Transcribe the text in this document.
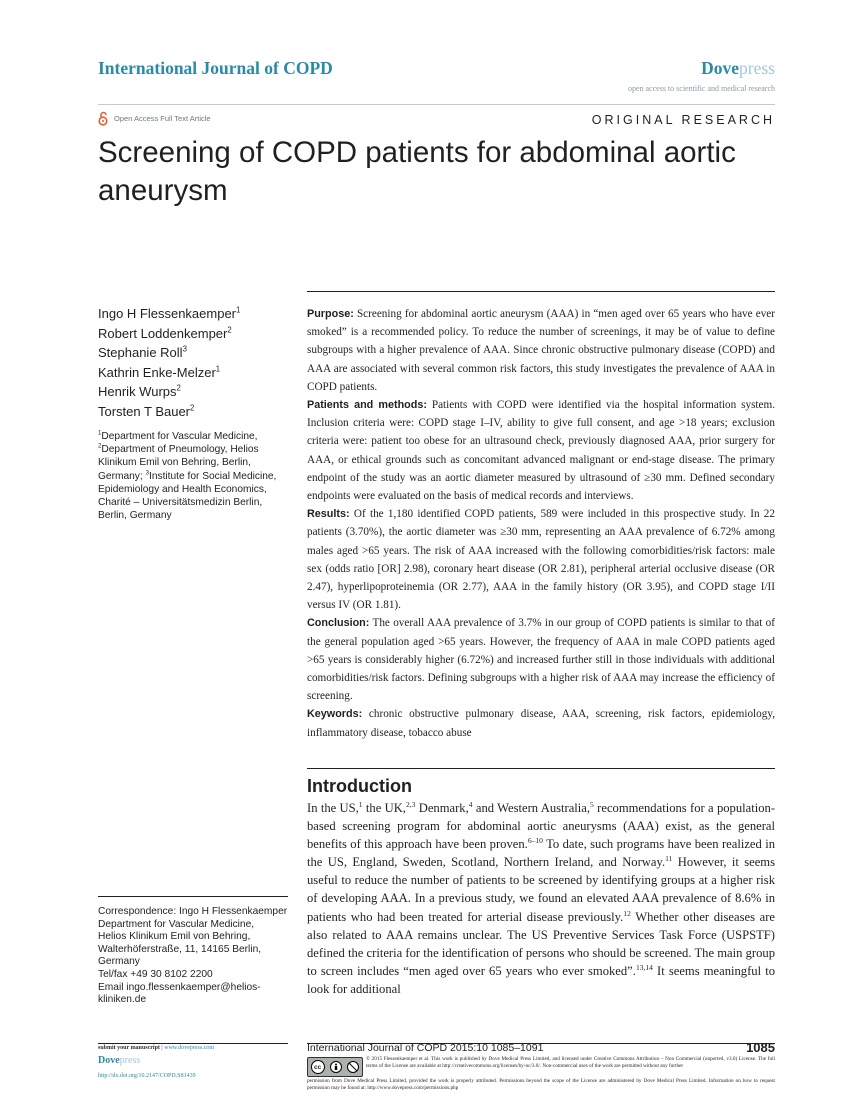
International Journal of COPD	Dovepress
open access to scientific and medical research
Open Access Full Text Article	ORIGINAL RESEARCH
Screening of COPD patients for abdominal aortic aneurysm
Ingo H Flessenkaemper$^1$
Robert Loddenkemper$^2$
Stephanie Roll$^3$
Kathrin Enke-Melzer$^1$
Henrik Wurps$^2$
Torsten T Bauer$^2$
$^1$Department for Vascular Medicine,
$^2$Department of Pneumology, Helios Klinikum Emil von Behring, Berlin, Germany; $^3$Institute for Social Medicine, Epidemiology and Health Economics, Charité – Universitätsmedizin Berlin, Berlin, Germany
Correspondence: Ingo H Flessenkaemper
Department for Vascular Medicine,
Helios Klinikum Emil von Behring,
Walterhöferstraße, 11, 14165 Berlin,
Germany
Tel/fax +49 30 8102 2200
Email ingo.flessenkaemper@helios-
kliniken.de

Purpose: Screening for abdominal aortic aneurysm (AAA) in “men aged over 65 years who have ever smoked” is a recommended policy. To reduce the number of screenings, it may be of value to define subgroups with a higher prevalence of AAA. Since chronic obstructive pulmonary disease (COPD) and AAA are associated with several common risk factors, this study investigates the prevalence of AAA in COPD patients.

Patients and methods: Patients with COPD were identified via the hospital information system. Inclusion criteria were: COPD stage I–IV, ability to give full consent, and age >18 years; exclusion criteria were: patient too obese for an ultrasound check, previously diagnosed AAA, prior surgery for AAA, or ethical grounds such as concomitant advanced malignant or end-stage disease. The primary endpoint of the study was an aortic diameter measured by ultrasound of ≥30 mm. Defined secondary endpoints were evaluated on the basis of medical records and interviews.

Results: Of the 1,180 identified COPD patients, 589 were included in this prospective study. In 22 patients (3.70%), the aortic diameter was ≥30 mm, representing an AAA prevalence of 6.72% among males aged >65 years. The risk of AAA increased with the following comorbidities/risk factors: male sex (odds ratio [OR] 2.98), coronary heart disease (OR 2.81), peripheral arterial occlusive disease (OR 2.47), hyperlipoproteinemia (OR 2.77), AAA in the family history (OR 3.95), and COPD stage I/II versus IV (OR 1.81).

Conclusion: The overall AAA prevalence of 3.7% in our group of COPD patients is similar to that of the general population aged >65 years. However, the frequency of AAA in male COPD patients aged >65 years is considerably higher (6.72%) and increased further still in those individuals with additional comorbidities/risk factors. Defining subgroups with a higher risk of AAA may increase the efficiency of screening.

Keywords: chronic obstructive pulmonary disease, AAA, screening, risk factors, epidemiology, inflammatory disease, tobacco abuse

Introduction

In the US,$^1$ the UK,$^{2,3}$ Denmark,$^4$ and Western Australia,$^5$ recommendations for a population-based screening program for abdominal aortic aneurysms (AAA) exist, as the general benefits of this approach have been proven.$^{6-10}$ To date, such programs have been realized in the US, England, Sweden, Scotland, Northern Ireland, and Norway.$^{11}$ However, it seems useful to reduce the number of patients to be screened by identifying groups at a higher risk of developing AAA. In a previous study, we found an elevated AAA prevalence of 8.6% in patients who had been treated for arterial disease previously.$^{12}$ Whether other diseases are also related to AAA remains unclear. The US Preventive Services Task Force (USPSTF) defined the criteria for the identification of persons who should be screened. The main group to screen includes “men aged over 65 years who ever smoked”.$^{13,14}$ It seems meaningful to look for additional

submit your manuscript | www.dovepress.com
Dovepress
http://dx.doi.org/10.2147/COPD.S81439
International Journal of COPD 2015:10 1085–1091	1085
cc
© 2015 Flessenkaemper et al. This work is published by Dove Medical Press Limited, and licensed under Creative Commons Attribution – Non Commercial (unported, v3.0) License. The full terms of the License are available at http://creativecommons.org/licenses/by-nc/3.0/. Non-commercial uses of the work are permitted without any further
permission from Dove Medical Press Limited, provided the work is properly attributed. Permissions beyond the scope of the License are administered by Dove Medical Press Limited. Information on how to request permission may be found at: http://www.dovepress.com/permissions.php
